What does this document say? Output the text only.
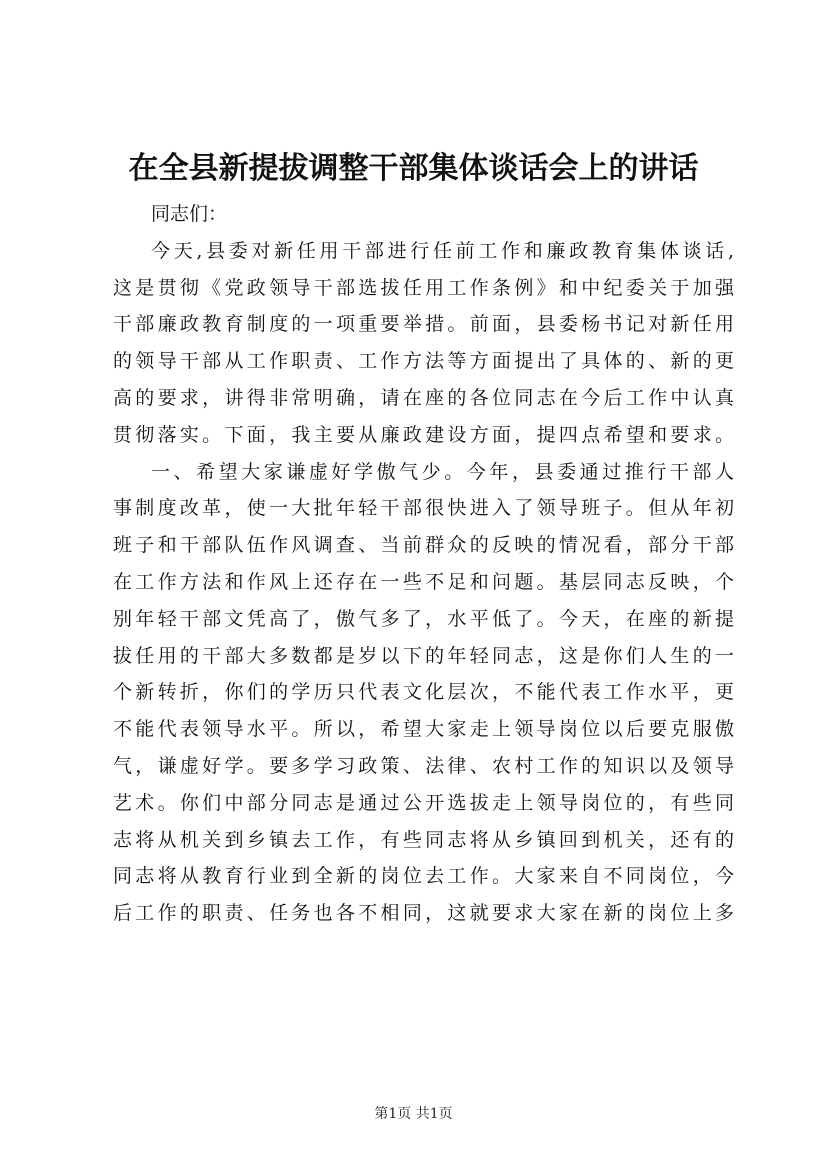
在全县新提拔调整干部集体谈话会上的讲话
同志们：
今天,县委对新任用干部进行任前工作和廉政教育集体谈话,
这是贯彻《党政领导干部选拔任用工作条例》和中纪委关于加强
干部廉政教育制度的一项重要举措。前面，县委杨书记对新任用
的领导干部从工作职责、工作方法等方面提出了具体的、新的更
高的要求，讲得非常明确，请在座的各位同志在今后工作中认真
贯彻落实。下面，我主要从廉政建设方面，提四点希望和要求。
一、希望大家谦虚好学傲气少。今年，县委通过推行干部人
事制度改革，使一大批年轻干部很快进入了领导班子。但从年初
班子和干部队伍作风调查、当前群众的反映的情况看，部分干部
在工作方法和作风上还存在一些不足和问题。基层同志反映，个
别年轻干部文凭高了，傲气多了，水平低了。今天，在座的新提
拔任用的干部大多数都是岁以下的年轻同志，这是你们人生的一
个新转折，你们的学历只代表文化层次，不能代表工作水平，更
不能代表领导水平。所以，希望大家走上领导岗位以后要克服傲
气，谦虚好学。要多学习政策、法律、农村工作的知识以及领导
艺术。你们中部分同志是通过公开选拔走上领导岗位的，有些同
志将从机关到乡镇去工作，有些同志将从乡镇回到机关，还有的
同志将从教育行业到全新的岗位去工作。大家来自不同岗位，今
后工作的职责、任务也各不相同，这就要求大家在新的岗位上多
第1页 共1页
